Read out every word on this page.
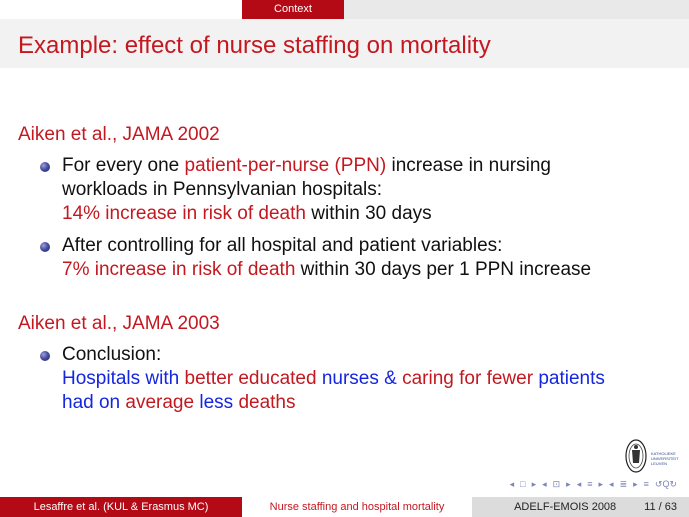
Context
Example: effect of nurse staffing on mortality
Aiken et al., JAMA 2002
For every one patient-per-nurse (PPN) increase in nursing
workloads in Pennsylvanian hospitals:
14% increase in risk of death within 30 days
After controlling for all hospital and patient variables:
7% increase in risk of death within 30 days per 1 PPN increase
Aiken et al., JAMA 2003
Conclusion:
Hospitals with better educated nurses & caring for fewer patients
had on average less deaths
KATHOLIEKE
UNIVERSITEIT
LEUVEN
◂ □ ▸ ◂ ⊡ ▸ ◂ ≡ ▸ ◂ ≣ ▸ ≡ ↺Q↻
Lesaffre et al. (KUL & Erasmus MC)	Nurse staffing and hospital mortality	ADELF-EMOIS 2008	11 / 63
